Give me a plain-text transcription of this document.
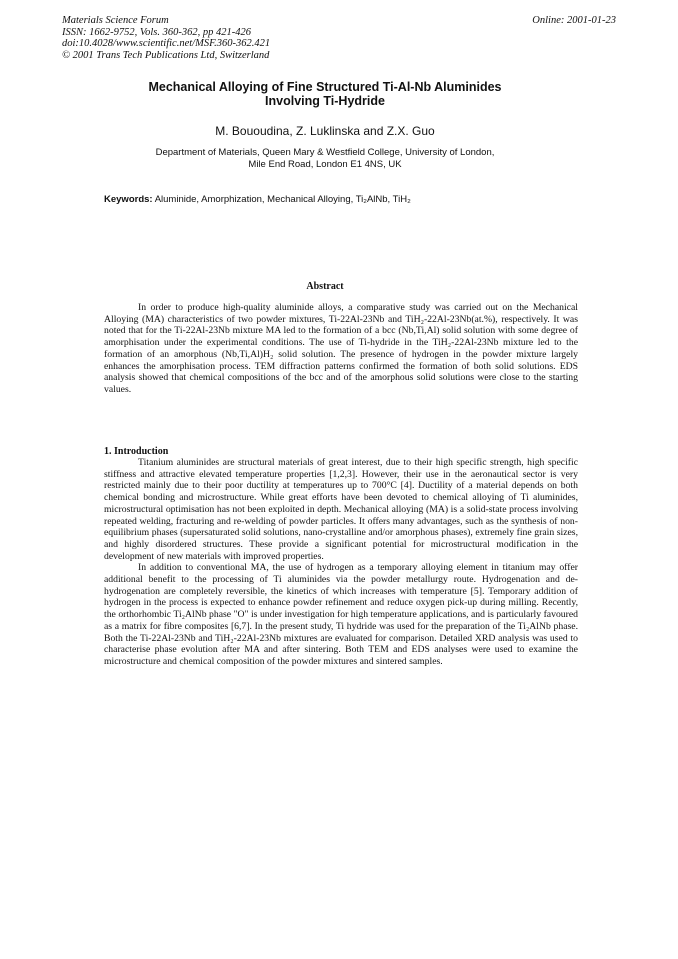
Materials Science Forum
ISSN: 1662-9752, Vols. 360-362, pp 421-426
doi:10.4028/www.scientific.net/MSF.360-362.421
© 2001 Trans Tech Publications Ltd, Switzerland
Online: 2001-01-23
Mechanical Alloying of Fine Structured Ti-Al-Nb Aluminides
Involving Ti-Hydride
M. Bououdina, Z. Luklinska and Z.X. Guo
Department of Materials, Queen Mary & Westfield College, University of London,
Mile End Road, London E1 4NS, UK
Keywords: Aluminide, Amorphization, Mechanical Alloying, Ti₂AlNb, TiH₂
Abstract
In order to produce high-quality aluminide alloys, a comparative study was carried out on the Mechanical Alloying (MA) characteristics of two powder mixtures, Ti-22Al-23Nb and TiH₂-22Al-23Nb(at.%), respectively. It was noted that for the Ti-22Al-23Nb mixture MA led to the formation of a bcc (Nb,Ti,Al) solid solution with some degree of amorphisation under the experimental conditions. The use of Ti-hydride in the TiH₂-22Al-23Nb mixture led to the formation of an amorphous (Nb,Ti,Al)H₂ solid solution. The presence of hydrogen in the powder mixture largely enhances the amorphisation process. TEM diffraction patterns confirmed the formation of both solid solutions. EDS analysis showed that chemical compositions of the bcc and of the amorphous solid solutions were close to the starting values.
1. Introduction

Titanium aluminides are structural materials of great interest, due to their high specific strength, high specific stiffness and attractive elevated temperature properties [1,2,3]. However, their use in the aeronautical sector is very restricted mainly due to their poor ductility at temperatures up to 700°C [4]. Ductility of a material depends on both chemical bonding and microstructure. While great efforts have been devoted to chemical alloying of Ti aluminides, microstructural optimisation has not been exploited in depth. Mechanical alloying (MA) is a solid-state process involving repeated welding, fracturing and re-welding of powder particles. It offers many advantages, such as the synthesis of non-equilibrium phases (supersaturated solid solutions, nano-crystalline and/or amorphous phases), extremely fine grain sizes, and highly disordered structures. These provide a significant potential for microstructural modification in the development of new materials with improved properties.

In addition to conventional MA, the use of hydrogen as a temporary alloying element in titanium may offer additional benefit to the processing of Ti aluminides via the powder metallurgy route. Hydrogenation and de-hydrogenation are completely reversible, the kinetics of which increases with temperature [5]. Temporary addition of hydrogen in the process is expected to enhance powder refinement and reduce oxygen pick-up during milling. Recently, the orthorhombic Ti₂AlNb phase "O" is under investigation for high temperature applications, and is particularly favoured as a matrix for fibre composites [6,7]. In the present study, Ti hydride was used for the preparation of the Ti₂AlNb phase. Both the Ti-22Al-23Nb and TiH₂-22Al-23Nb mixtures are evaluated for comparison. Detailed XRD analysis was used to characterise phase evolution after MA and after sintering. Both TEM and EDS analyses were used to examine the microstructure and chemical composition of the powder mixtures and sintered samples.
